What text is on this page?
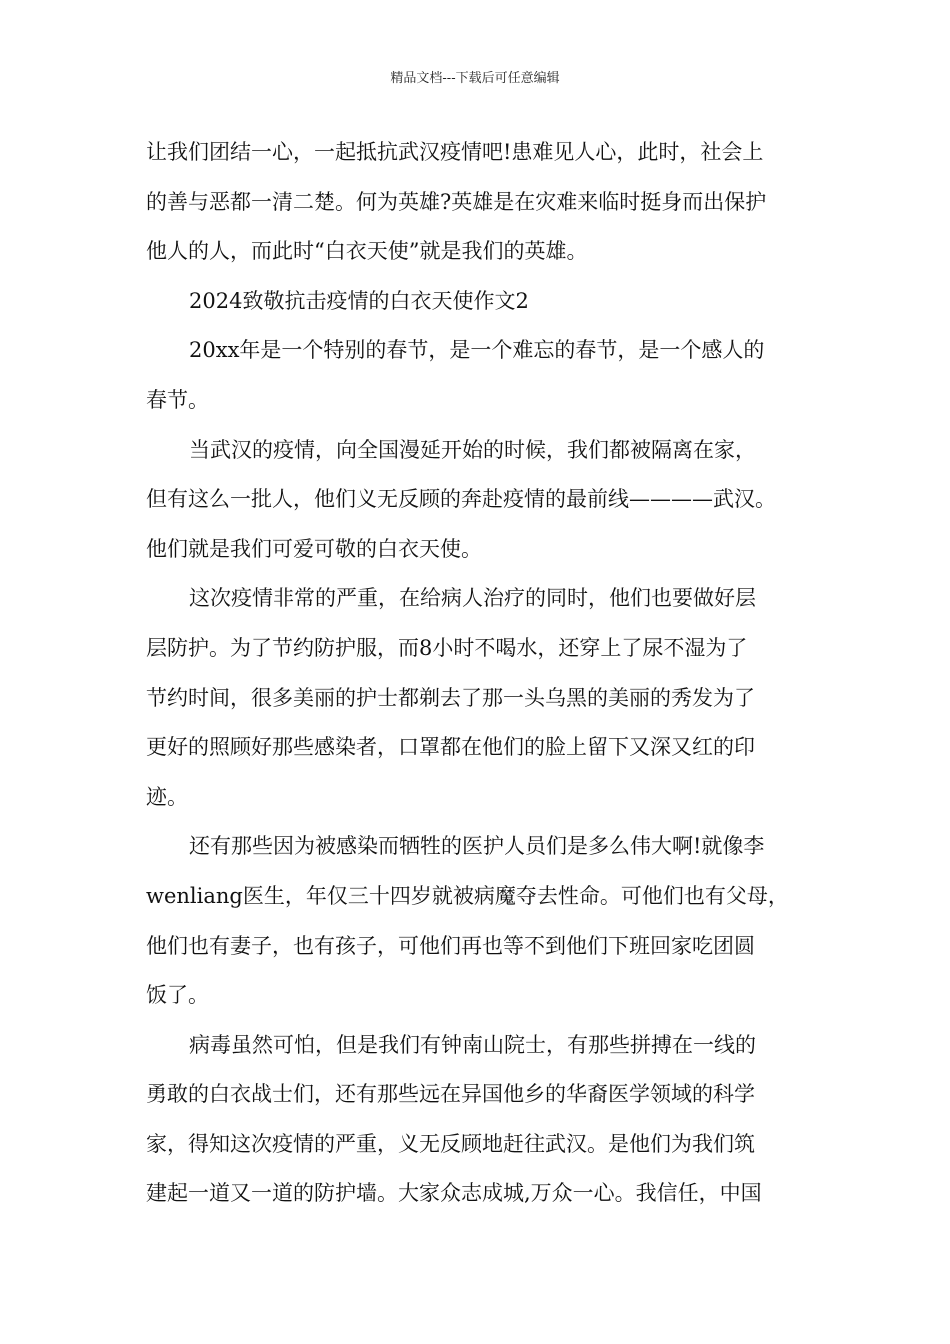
精品文档---下载后可任意编辑
让我们团结一心，一起抵抗武汉疫情吧!患难见人心，此时，社会上
的善与恶都一清二楚。何为英雄?英雄是在灾难来临时挺身而出保护
他人的人，而此时“白衣天使”就是我们的英雄。
2024致敬抗击疫情的白衣天使作文2
20xx年是一个特别的春节，是一个难忘的春节，是一个感人的
春节。
当武汉的疫情，向全国漫延开始的时候，我们都被隔离在家，
但有这么一批人，他们义无反顾的奔赴疫情的最前线————武汉。
他们就是我们可爱可敬的白衣天使。
这次疫情非常的严重，在给病人治疗的同时，他们也要做好层
层防护。为了节约防护服，而8小时不喝水，还穿上了尿不湿为了
节约时间，很多美丽的护士都剃去了那一头乌黑的美丽的秀发为了
更好的照顾好那些感染者，口罩都在他们的脸上留下又深又红的印
迹。
还有那些因为被感染而牺牲的医护人员们是多么伟大啊!就像李
wenliang医生，年仅三十四岁就被病魔夺去性命。可他们也有父母，
他们也有妻子，也有孩子，可他们再也等不到他们下班回家吃团圆
饭了。
病毒虽然可怕，但是我们有钟南山院士，有那些拼搏在一线的
勇敢的白衣战士们，还有那些远在异国他乡的华裔医学领域的科学
家，得知这次疫情的严重，义无反顾地赶往武汉。是他们为我们筑
建起一道又一道的防护墙。大家众志成城,万众一心。我信任，中国
